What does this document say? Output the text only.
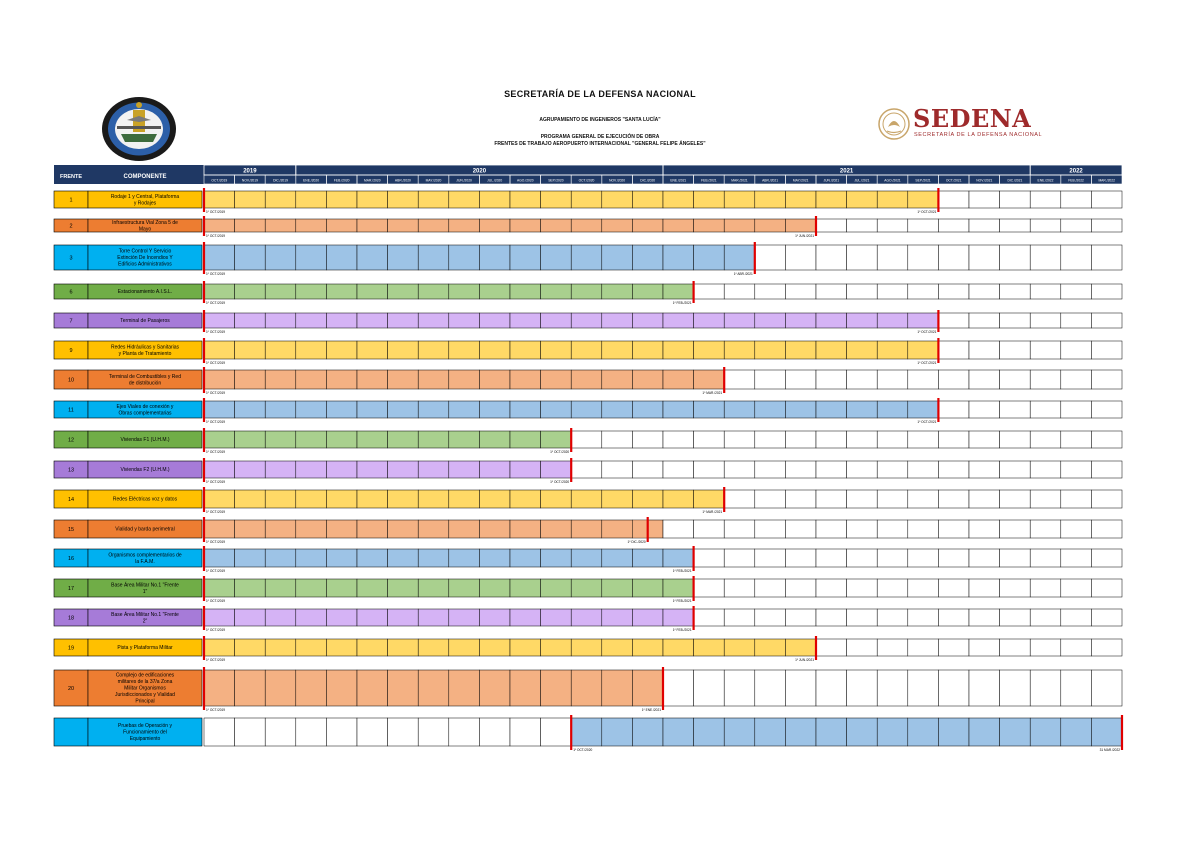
SECRETARÍA DE LA DEFENSA NACIONAL
AGRUPAMIENTO DE INGENIEROS "SANTA LUCÍA"
PROGRAMA GENERAL DE EJECUCIÓN DE OBRA
FRENTES DE TRABAJO AEROPUERTO INTERNACIONAL "GENERAL FELIPE ÁNGELES"
SEDENA
SECRETARÍA DE LA DEFENSA NACIONAL
FRENTE	COMPONENTE
2019	2020	2021	2022
OCT./2019	NOV./2019	DIC./2019	ENE./2020	FEB./2020	MAR./2020	ABR./2020	MAY./2020	JUN./2020	JUL./2020	AGO./2020	SEP./2020	OCT./2020	NOV./2020	DIC./2020	ENE./2021	FEB./2021	MAR./2021	ABR./2021	MAY./2021	JUN./2021	JUL./2021	AGO./2021	SEP./2021	OCT./2021	NOV./2021	DIC./2021	ENE./2022	FEB./2022	MAR./2022
1
Rodaje 1 y Central, Plataforma
y Rodajes
1º OCT./2019	1º OCT./2021
2
Infraestructura Vial Zona 5 de
Mayo
1º OCT./2019	1º JUN./2021
3
Torre Control Y Servicio
Extinción De Incendios Y
Edificios Administrativos
1º OCT./2019	1º ABR./2021
6	Estacionamiento A.I.S.L.
1º OCT./2019	1º FEB./2021
7	Terminal de Pasajeros
1º OCT./2019	1º OCT./2021
9
Redes Hidráulicas y Sanitarias
y Planta de Tratamiento
1º OCT./2019	1º OCT./2021
10
Terminal de Combustibles y Red
de distribución
1º OCT./2019	1º MAR./2021
11
Ejes Viales de conexión y
Obras complementarias
1º OCT./2019	1º OCT./2021
12	Viviendas F1 (U.H.M.)
1º OCT./2019	1º OCT./2020
13	Viviendas F2 (U.H.M.)
1º OCT./2019	1º OCT./2020
14	Redes Eléctricas voz y datos
1º OCT./2019	1º MAR./2021
15	Vialidad y barda perimetral
1º OCT./2019	1º DIC./2020
16
Organismos complementarios de
la F.A.M.
1º OCT./2019	1º FEB./2021
17
Base Área Militar No.1 "Frente
1"
1º OCT./2019	1º FEB./2021
18
Base Área Militar No.1 "Frente
2"
1º OCT./2019	1º FEB./2021
19	Pista y Plataforma Militar
1º OCT./2019	1º JUN./2021
20
Complejo de edificaciones
militares de la 37/a Zona
Militar Organismos
Jurisdiccionados y Vialidad
Principal
1º OCT./2019	1º ENE./2021
Pruebas de Operación y
Funcionamiento del
Equipamiento
1º OCT./2020	31 MAR./2022
